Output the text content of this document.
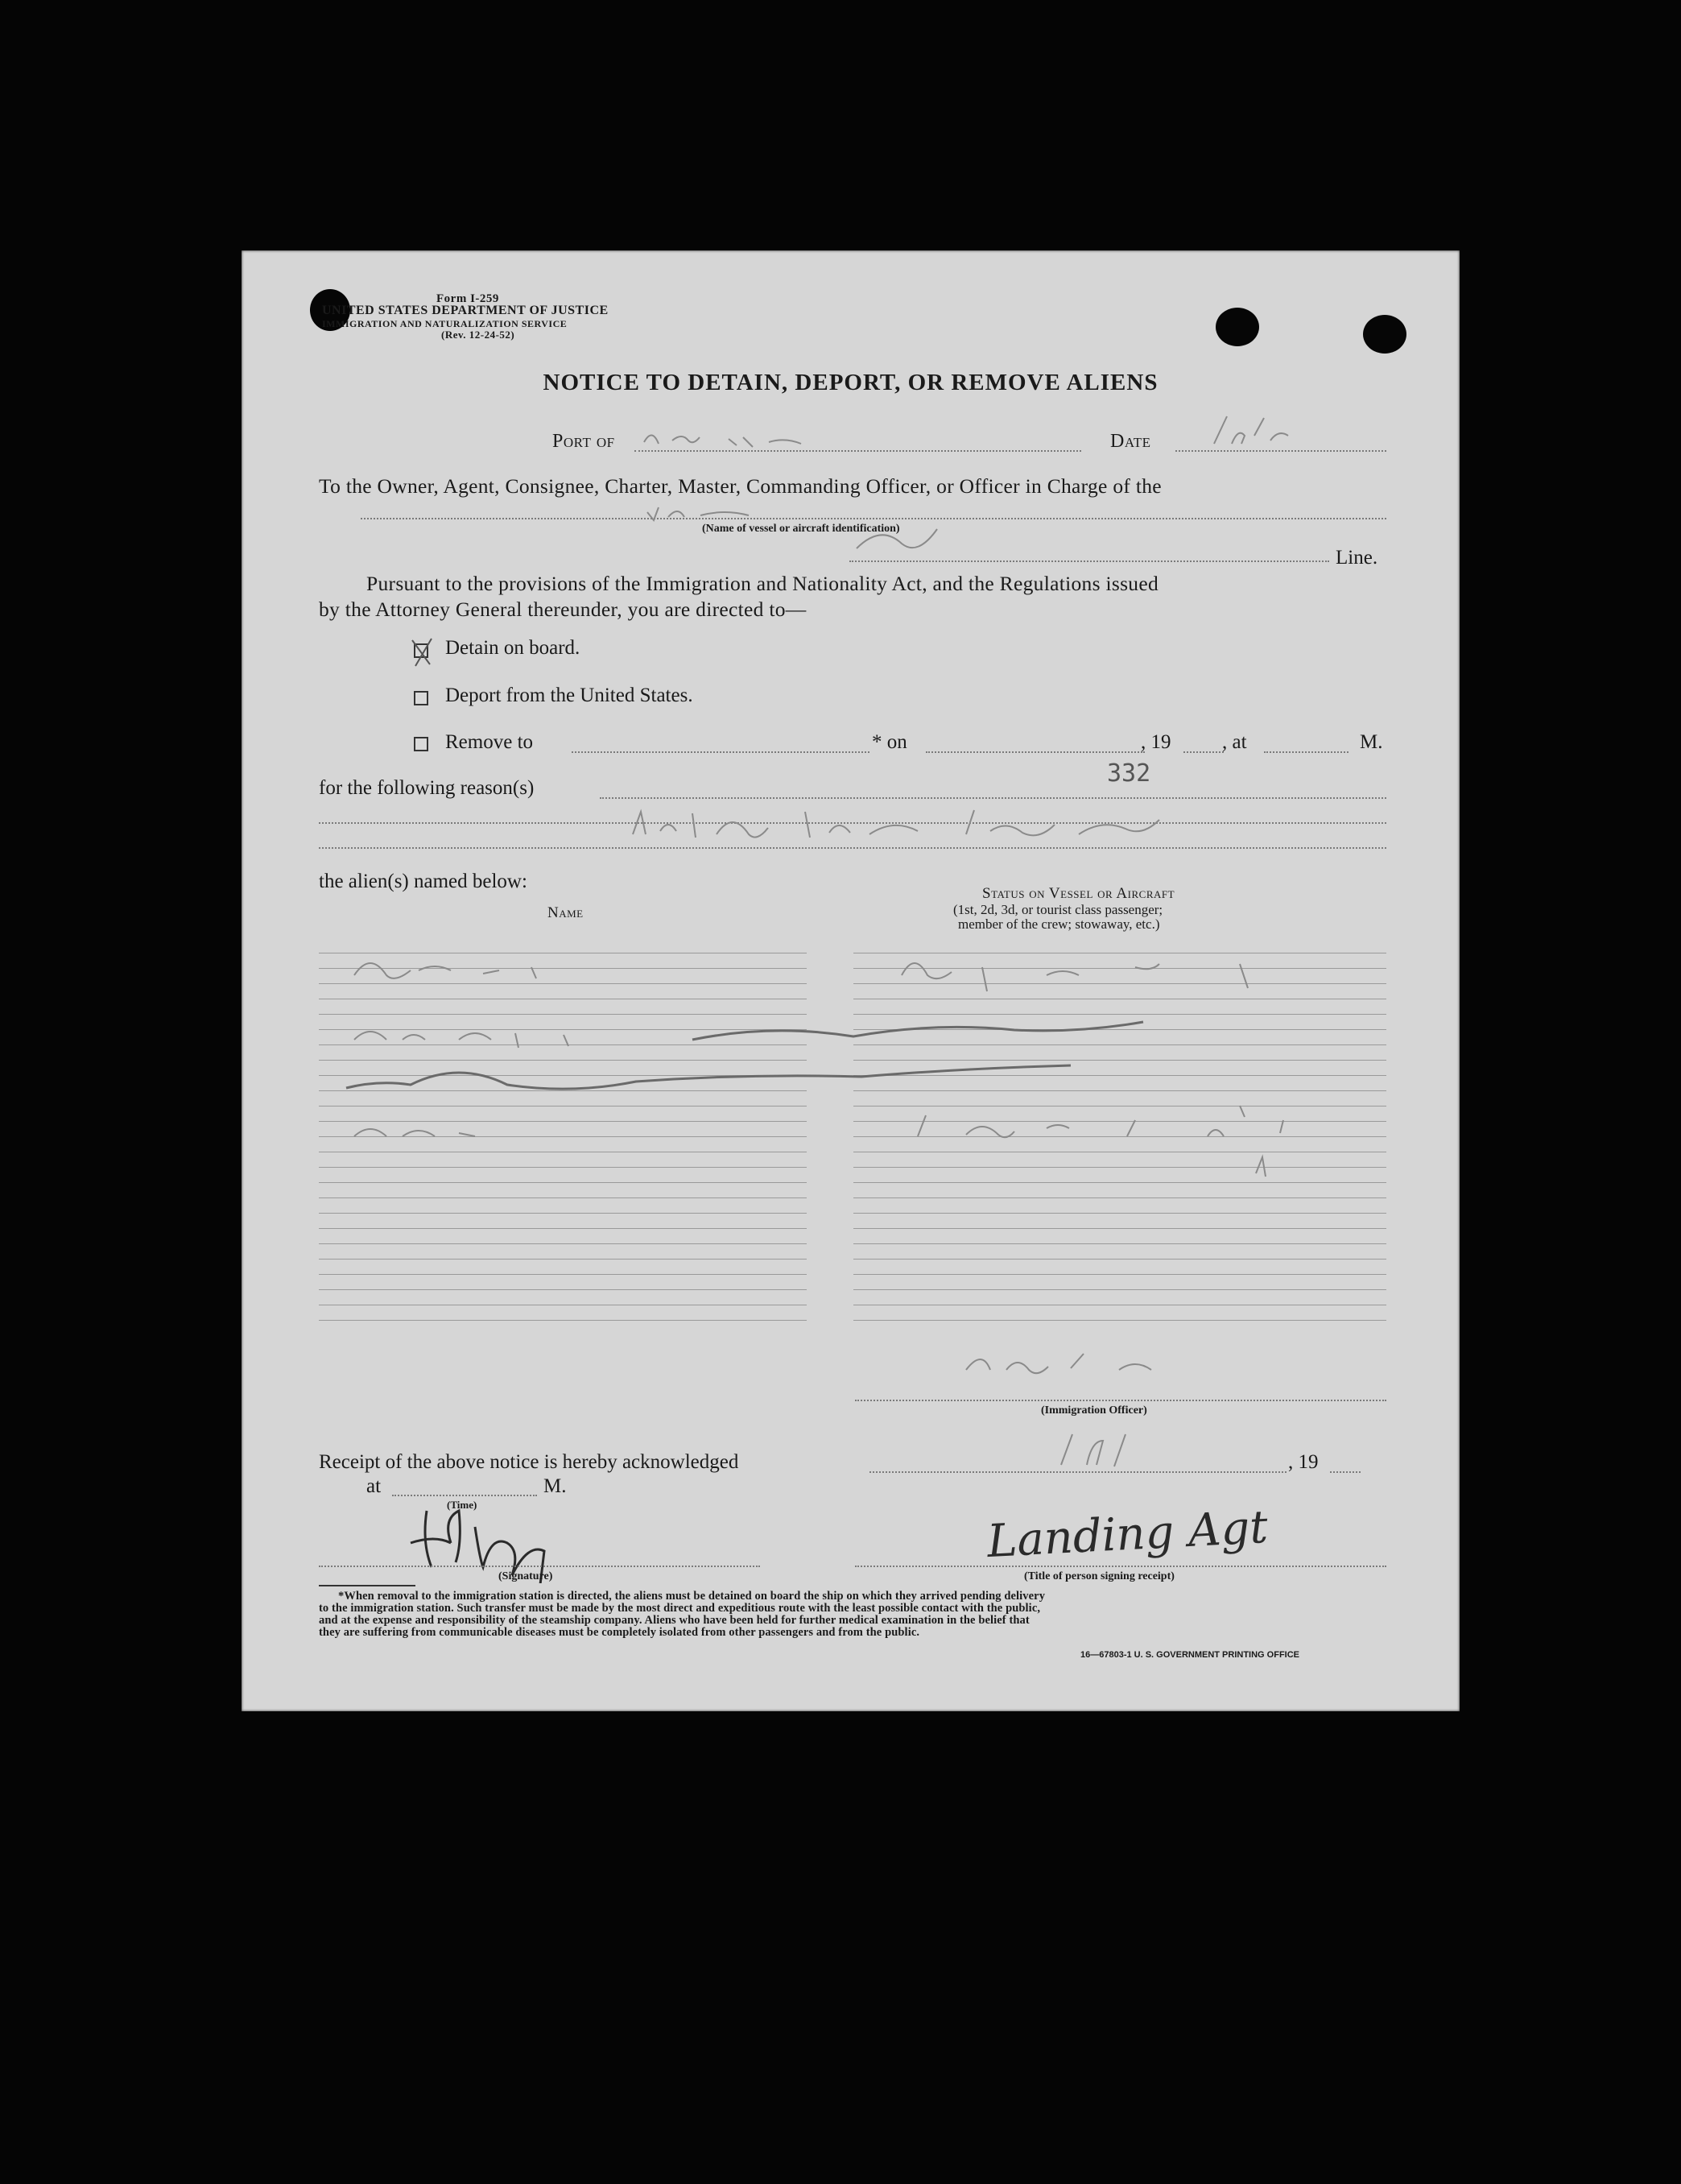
Form I-259
UNITED STATES DEPARTMENT OF JUSTICE
IMMIGRATION AND NATURALIZATION SERVICE
(Rev. 12-24-52)
NOTICE TO DETAIN, DEPORT, OR REMOVE ALIENS
Port of	Date
To the Owner, Agent, Consignee, Charter, Master, Commanding Officer, or Officer in Charge of the
(Name of vessel or aircraft identification)
Line.
Pursuant to the provisions of the Immigration and Nationality Act, and the Regulations issued
by the Attorney General thereunder, you are directed to—
Detain on board.
Deport from the United States.
Remove to	* on	, 19	, at	M.
332
for the following reason(s)
the alien(s) named below:
Name
Status on Vessel or Aircraft
(1st, 2d, 3d, or tourist class passenger;
member of the crew; stowaway, etc.)
(Immigration Officer)
Receipt of the above notice is hereby acknowledged	, 19
at	M.
(Time)
(Signature)
Landing Agt
(Title of person signing receipt)
*When removal to the immigration station is directed, the aliens must be detained on board the ship on which they arrived pending delivery
to the immigration station. Such transfer must be made by the most direct and expeditious route with the least possible contact with the public,
and at the expense and responsibility of the steamship company. Aliens who have been held for further medical examination in the belief that
they are suffering from communicable diseases must be completely isolated from other passengers and from the public.
16—67803-1 U. S. GOVERNMENT PRINTING OFFICE
